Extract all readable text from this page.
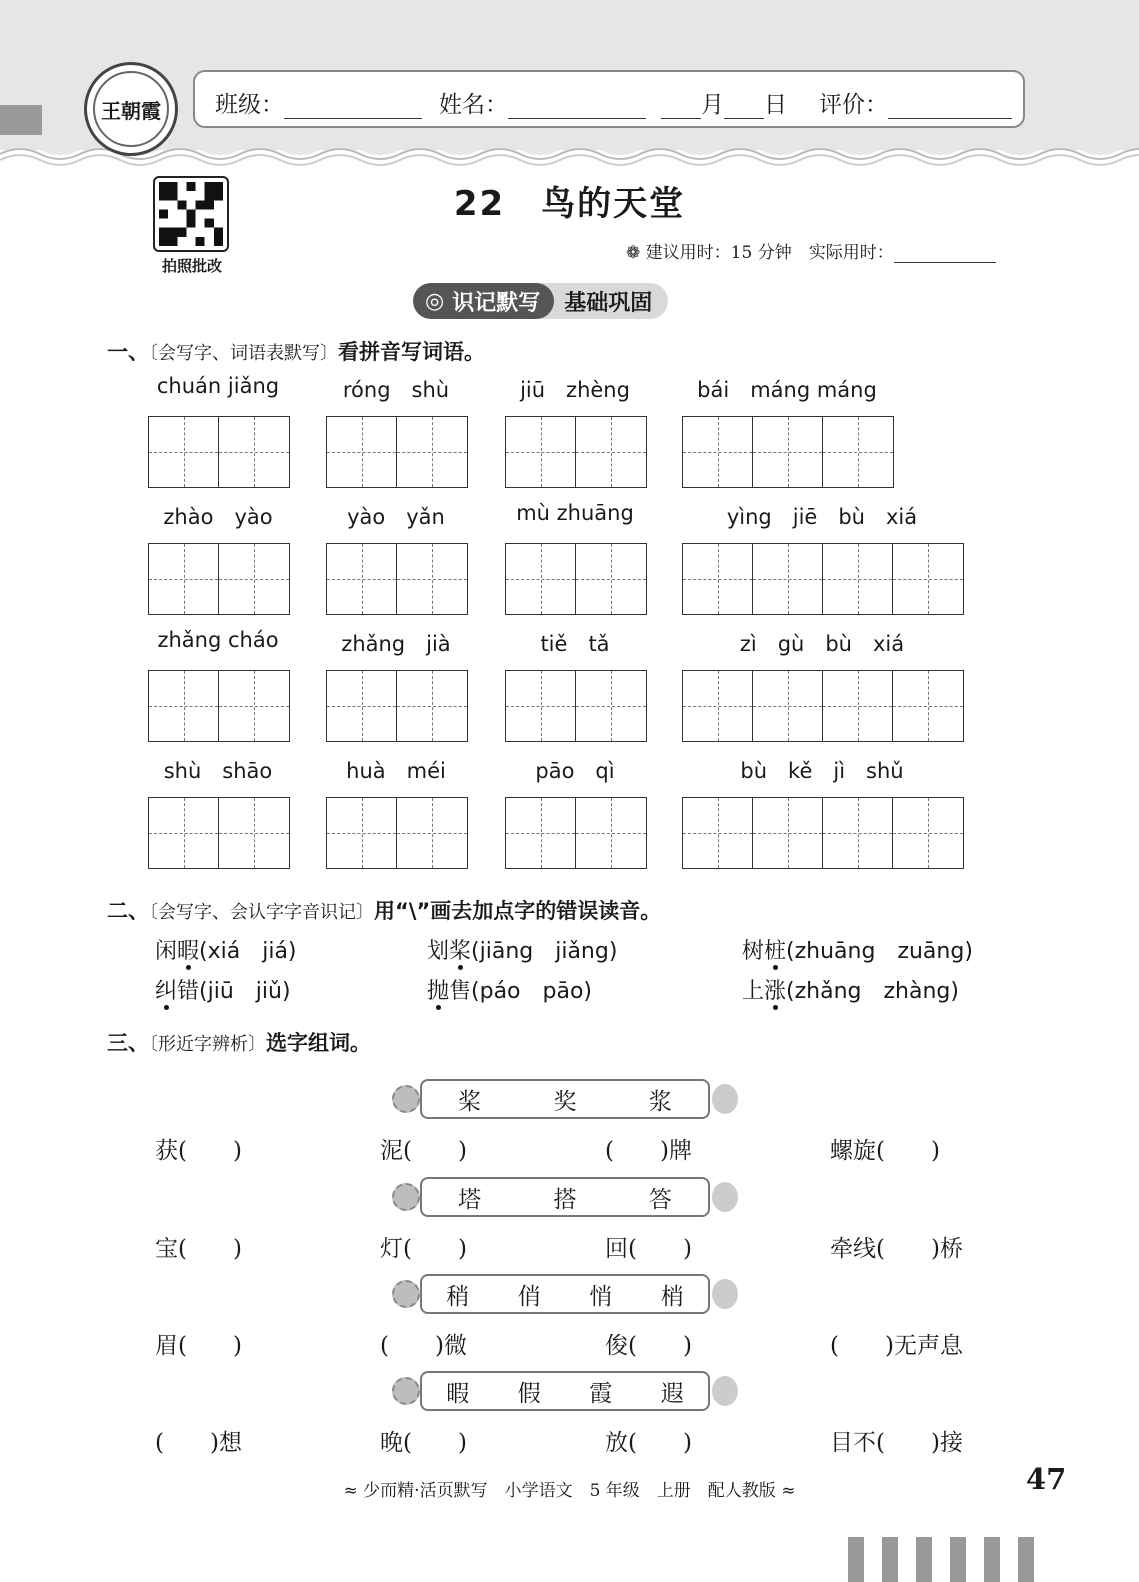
王朝霞	班级：	姓名：	月 日 评价：
拍照批改
22　鸟的天堂
❁ 建议用时：15 分钟　实际用时：
◎ 识记默写	基础巩固
一、〔会写字、词语表默写〕看拼音写词语。
chuán jiǎng	róng　shù	jiū　zhèng	bái　máng máng
zhào　yào	yào　yǎn	mù zhuāng	yìng　jiē　bù　xiá
zhǎng cháo	zhǎng　jià	tiě　tǎ	zì　gù　bù　xiá
shù　shāo	huà　méi	pāo　qì	bù　kě　jì　shǔ
二、〔会写字、会认字字音识记〕用“\”画去加点字的错误读音。
闲暇(xiá　jiá)	划桨(jiāng　jiǎng)	树桩(zhuāng　zuāng)
纠错(jiū　jiǔ)	抛售(páo　pāo)	上涨(zhǎng　zhàng)
三、〔形近字辨析〕选字组词。
桨	奖	浆
获(　　)	泥(　　)	(　　)牌	螺旋(　　)
塔	搭	答
宝(　　)	灯(　　)	回(　　)	牵线(　　)桥
稍 俏 悄 梢
眉(　　)	(　　)微	俊(　　)	(　　)无声息
暇 假 霞 遐
(　　)想	晚(　　)	放(　　)	目不(　　)接
≈ 少而精·活页默写　小学语文　5 年级　上册　配人教版 ≈	47
